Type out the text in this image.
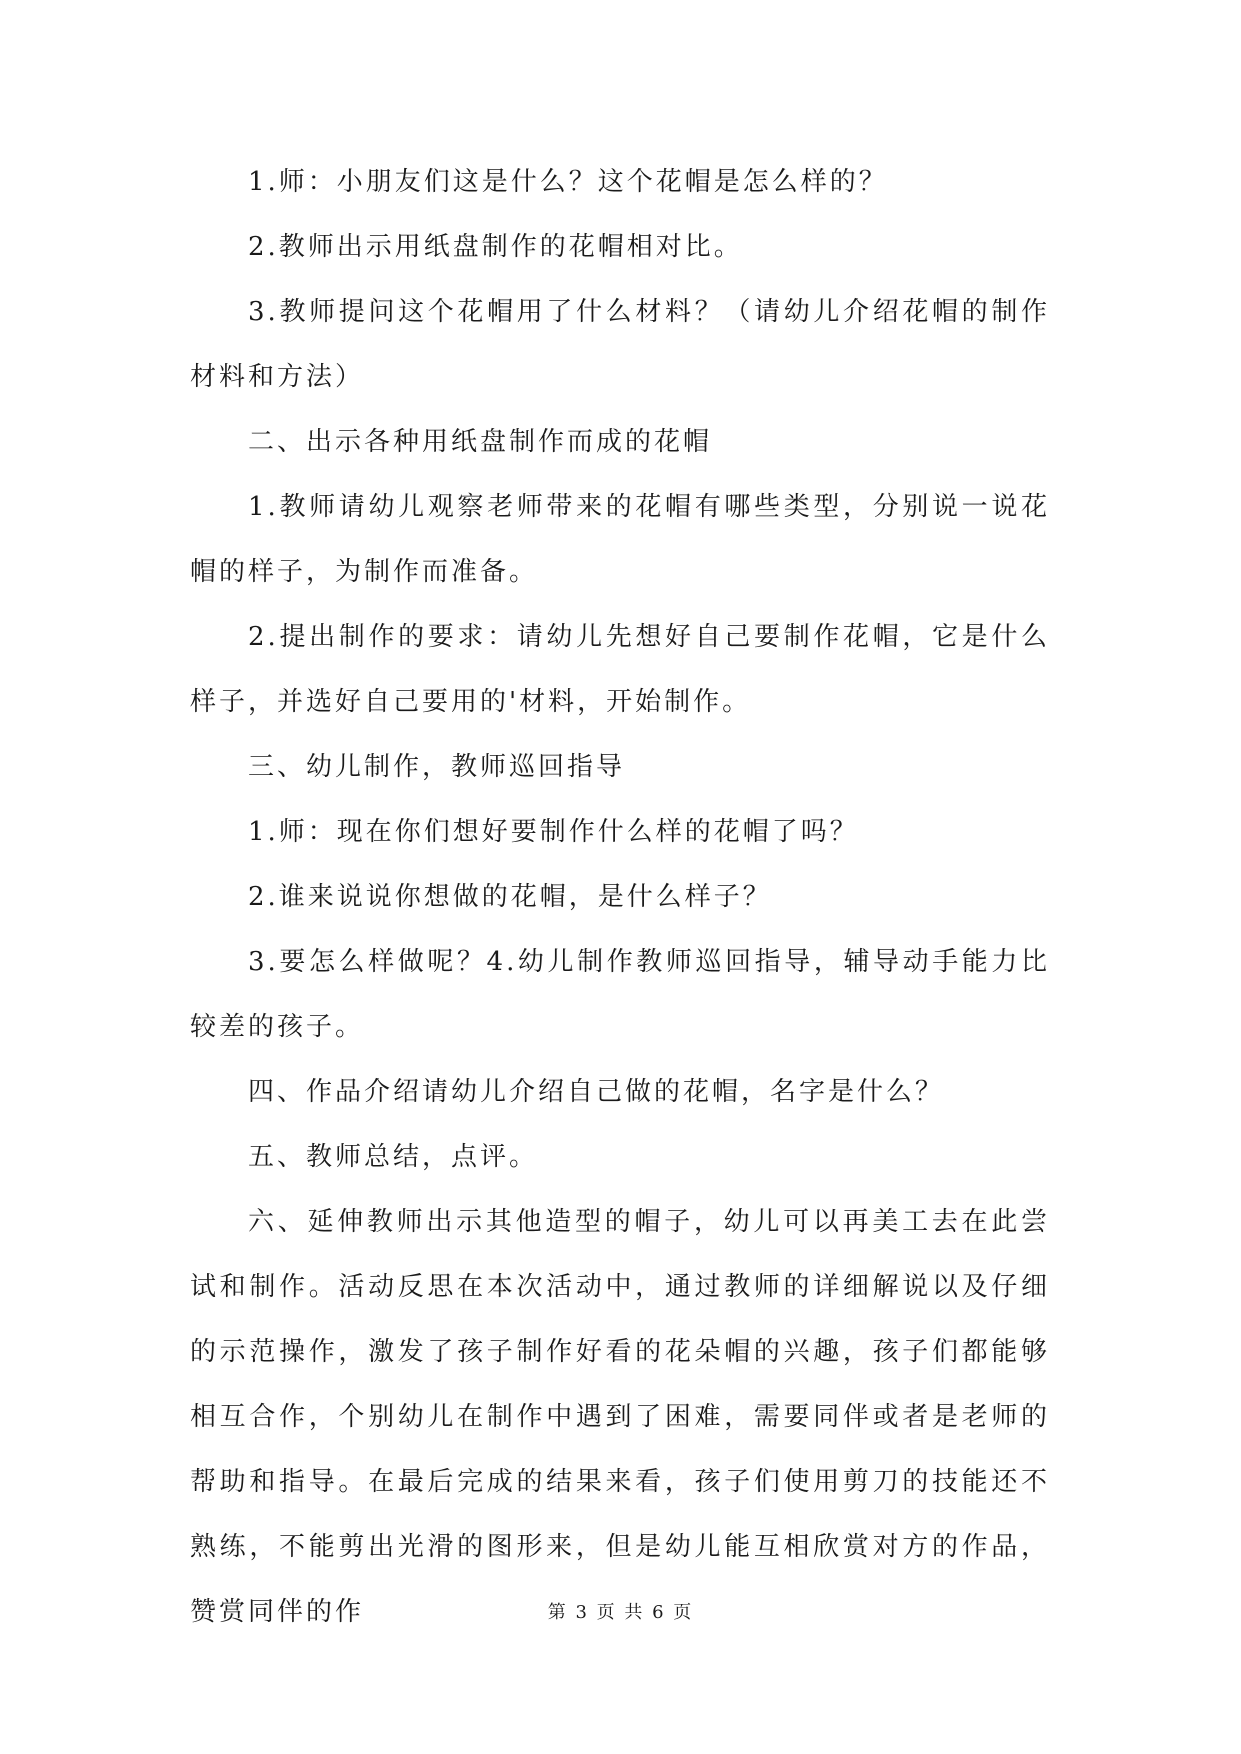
1.师：小朋友们这是什么？这个花帽是怎么样的？

2.教师出示用纸盘制作的花帽相对比。

3.教师提问这个花帽用了什么材料？（请幼儿介绍花帽的制作材料和方法）

二、出示各种用纸盘制作而成的花帽

1.教师请幼儿观察老师带来的花帽有哪些类型，分别说一说花帽的样子，为制作而准备。

2.提出制作的要求：请幼儿先想好自己要制作花帽，它是什么样子，并选好自己要用的'材料，开始制作。

三、幼儿制作，教师巡回指导

1.师：现在你们想好要制作什么样的花帽了吗？

2.谁来说说你想做的花帽，是什么样子？

3.要怎么样做呢？4.幼儿制作教师巡回指导，辅导动手能力比较差的孩子。

四、作品介绍请幼儿介绍自己做的花帽，名字是什么？

五、教师总结，点评。

六、延伸教师出示其他造型的帽子，幼儿可以再美工去在此尝试和制作。活动反思在本次活动中，通过教师的详细解说以及仔细的示范操作，激发了孩子制作好看的花朵帽的兴趣，孩子们都能够相互合作，个别幼儿在制作中遇到了困难，需要同伴或者是老师的帮助和指导。在最后完成的结果来看，孩子们使用剪刀的技能还不熟练，不能剪出光滑的图形来，但是幼儿能互相欣赏对方的作品，赞赏同伴的作	第 3 页 共 6 页
